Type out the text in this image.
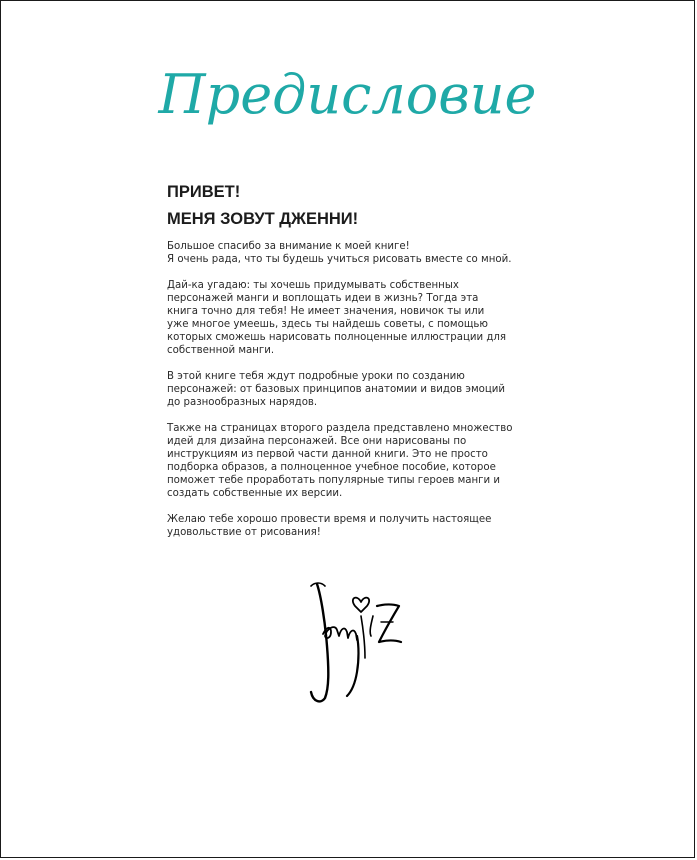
Предисловие
ПРИВЕТ!
МЕНЯ ЗОВУТ ДЖЕННИ!

Большое спасибо за внимание к моей книге!
Я очень рада, что ты будешь учиться рисовать вместе со мной.

Дай-ка угадаю: ты хочешь придумывать собственных
персонажей манги и воплощать идеи в жизнь? Тогда эта
книга точно для тебя! Не имеет значения, новичок ты или
уже многое умеешь, здесь ты найдешь советы, с помощью
которых сможешь нарисовать полноценные иллюстрации для
собственной манги.

В этой книге тебя ждут подробные уроки по созданию
персонажей: от базовых принципов анатомии и видов эмоций
до разнообразных нарядов.

Также на страницах второго раздела представлено множество
идей для дизайна персонажей. Все они нарисованы по
инструкциям из первой части данной книги. Это не просто
подборка образов, а полноценное учебное пособие, которое
поможет тебе проработать популярные типы героев манги и
создать собственные их версии.

Желаю тебе хорошо провести время и получить настоящее
удовольствие от рисования!
